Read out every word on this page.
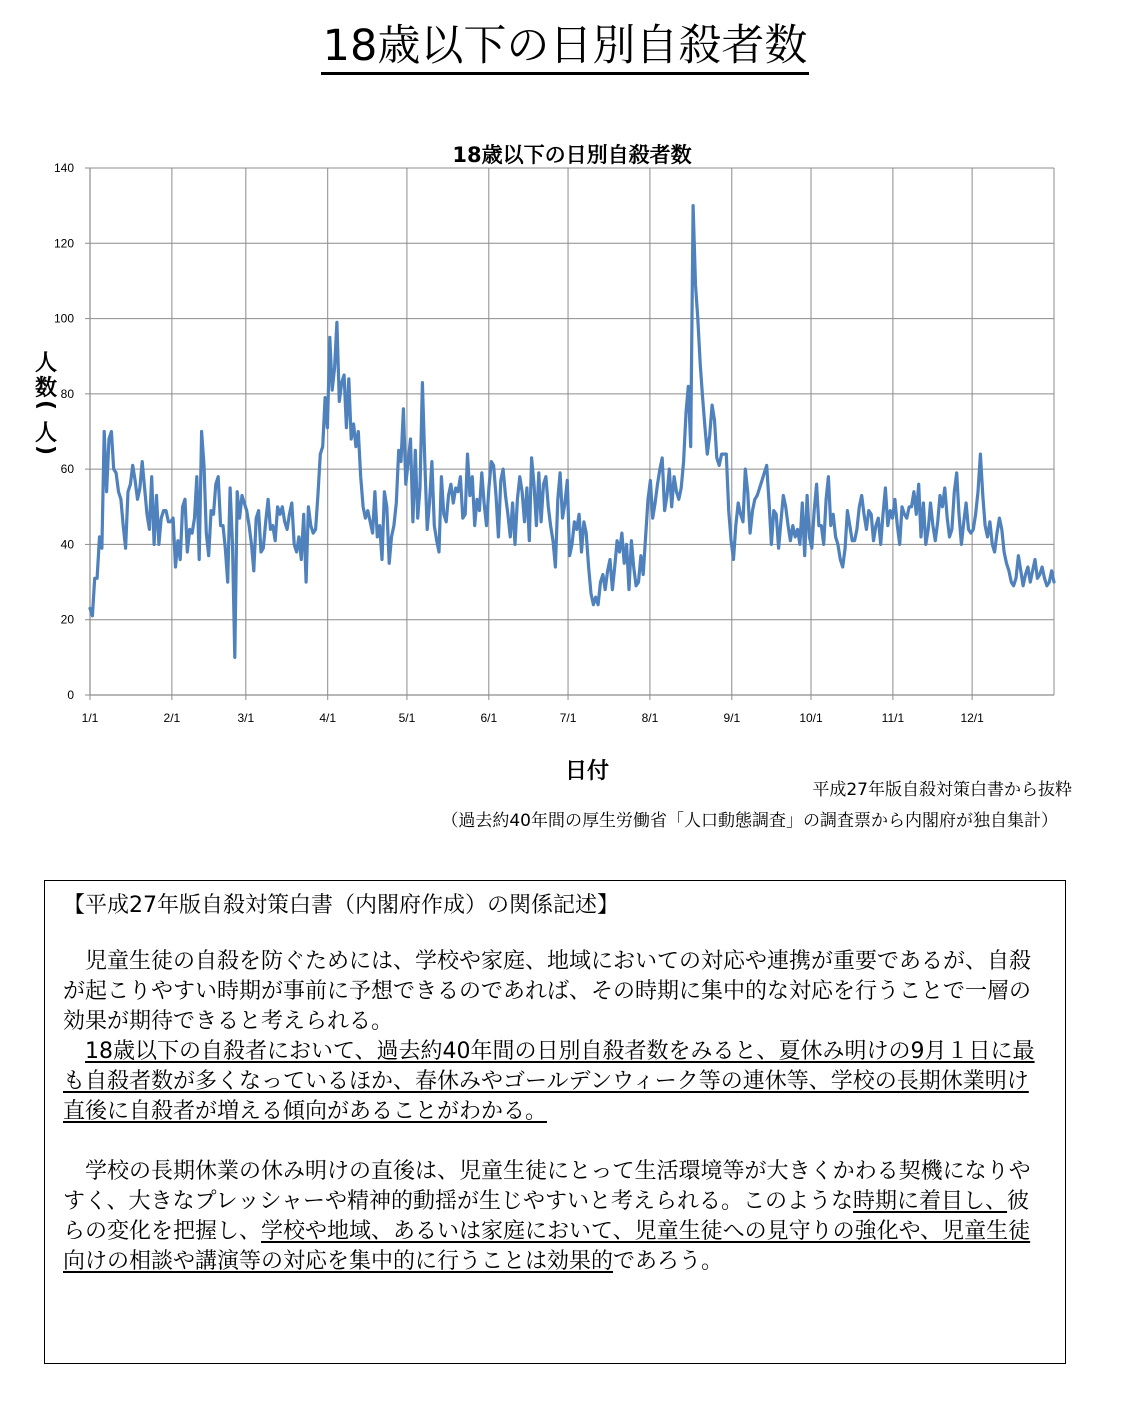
18歳以下の日別自殺者数
0
20
40
60
80
100
120
140
1/1	2/1	3/1	4/1	5/1	6/1	7/1	8/1	9/1	10/1	11/1	12/1
18歳以下の日別自殺者数
日付
人
数
(
人
)
平成27年版自殺対策白書から抜粋
（過去約40年間の厚生労働省「人口動態調査」の調査票から内閣府が独自集計）

【平成27年版自殺対策白書（内閣府作成）の関係記述】

児童生徒の自殺を防ぐためには、学校や家庭、地域においての対応や連携が重要であるが、自殺が起こりやすい時期が事前に予想できるのであれば、その時期に集中的な対応を行うことで一層の効果が期待できると考えられる。

18歳以下の自殺者において、過去約40年間の日別自殺者数をみると、夏休み明けの9月１日に最も自殺者数が多くなっているほか、春休みやゴールデンウィーク等の連休等、学校の長期休業明け直後に自殺者が増える傾向があることがわかる。

学校の長期休業の休み明けの直後は、児童生徒にとって生活環境等が大きくかわる契機になりやすく、大きなプレッシャーや精神的動揺が生じやすいと考えられる。このような時期に着目し、彼らの変化を把握し、学校や地域、あるいは家庭において、児童生徒への見守りの強化や、児童生徒向けの相談や講演等の対応を集中的に行うことは効果的であろう。
